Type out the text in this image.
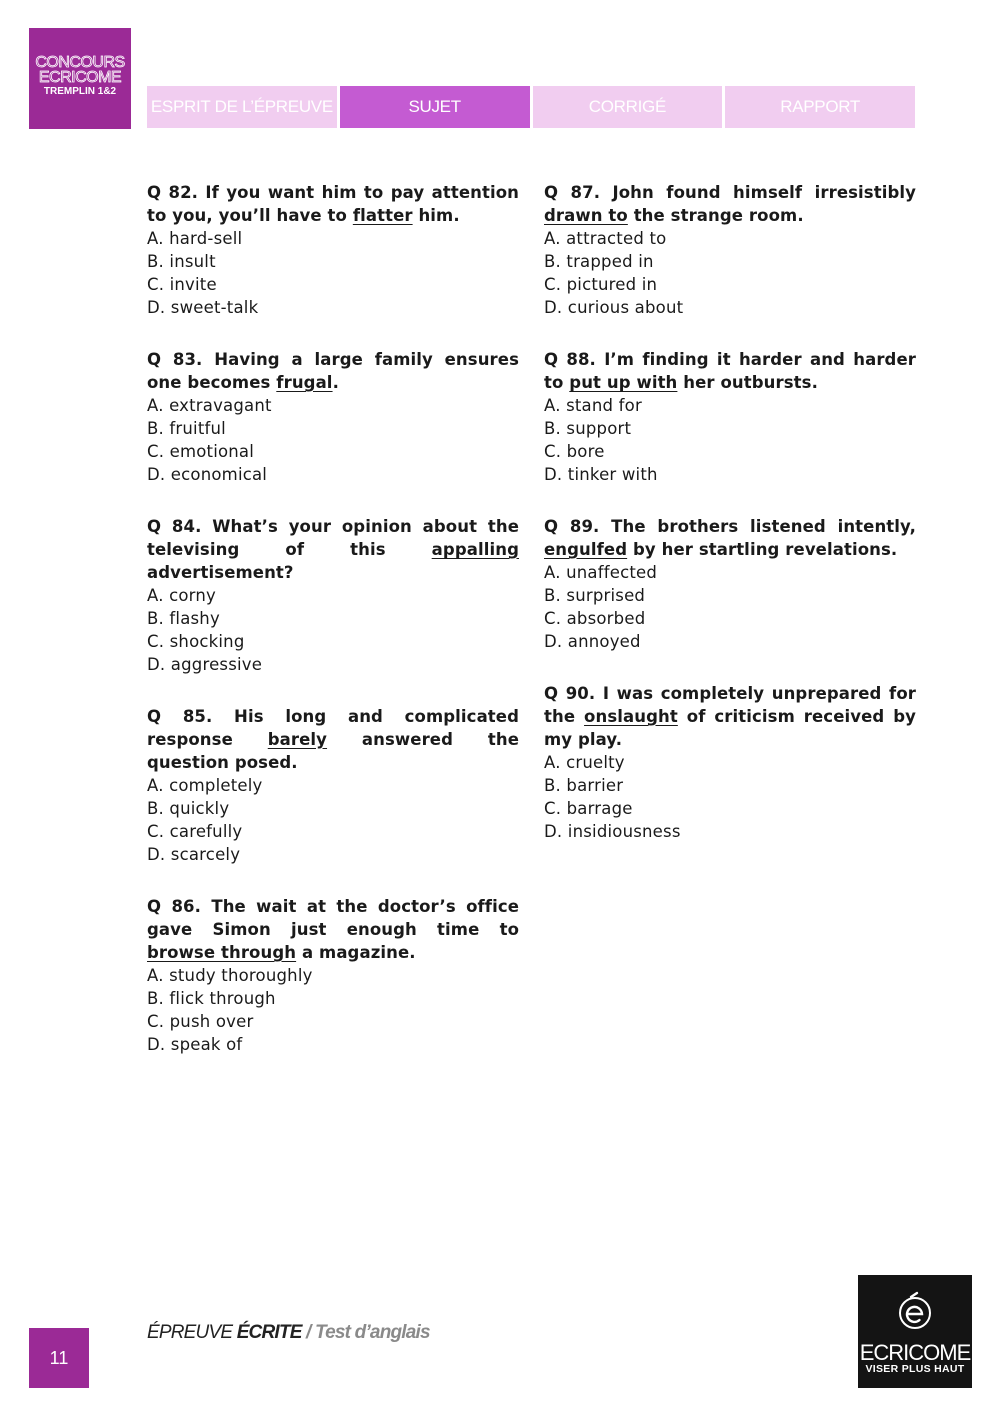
CONCOURS
ECRICOME
TREMPLIN 1&2
ESPRIT DE L’ÉPREUVE	SUJET	CORRIGÉ	RAPPORT
Q 82. If you want him to pay attention to you, you’ll have to flatter him.
A. hard-sell
B. insult
C. invite
D. sweet-talk
Q 83. Having a large family ensures one becomes frugal.
A. extravagant
B. fruitful
C. emotional
D. economical
Q 84. What’s your opinion about the televising of this appalling advertisement?
A. corny
B. flashy
C. shocking
D. aggressive
Q 85. His long and complicated response barely answered the question posed.
A. completely
B. quickly
C. carefully
D. scarcely
Q 86. The wait at the doctor’s office gave Simon just enough time to browse through a magazine.
A. study thoroughly
B. flick through
C. push over
D. speak of
Q 87. John found himself irresistibly drawn to the strange room.
A. attracted to
B. trapped in
C. pictured in
D. curious about
Q 88. I’m finding it harder and harder to put up with her outbursts.
A. stand for
B. support
C. bore
D. tinker with
Q 89. The brothers listened intently, engulfed by her startling revelations.
A. unaffected
B. surprised
C. absorbed
D. annoyed
Q 90. I was completely unprepared for the onslaught of criticism received by my play.
A. cruelty
B. barrier
C. barrage
D. insidiousness
11
ÉPREUVE ÉCRITE / Test d’anglais
ECRICOME
VISER PLUS HAUT
